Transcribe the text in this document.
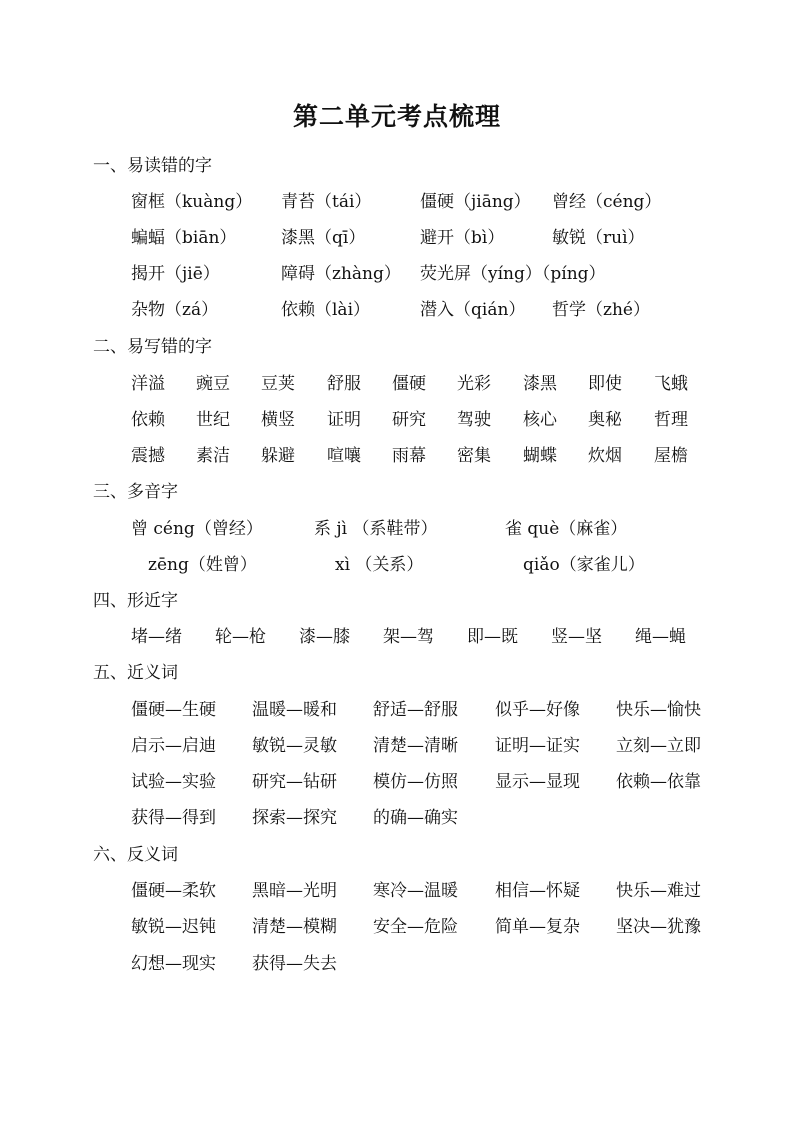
第二单元考点梳理
一、易读错的字
窗框（kuàng） 青苔（tái）	僵硬（jiāng） 曾经（céng）
蝙蝠（biān）	漆黑（qī）	避开（bì）	敏锐（ruì）
揭开（jiē）	障碍（zhàng） 荧光屏（yíng）（píng）
杂物（zá）	依赖（lài）	潜入（qián） 哲学（zhé）
二、易写错的字
洋溢 豌豆 豆荚 舒服 僵硬 光彩 漆黑 即使 飞蛾
依赖 世纪 横竖 证明 研究 驾驶 核心 奥秘 哲理
震撼 素洁 躲避 喧嚷 雨幕 密集 蝴蝶 炊烟 屋檐
三、多音字
曾 céng（曾经）	系 jì （系鞋带）	雀 què（麻雀）
zēng（姓曾）	xì （关系）	qiǎo（家雀儿）
四、形近字
堵—绪 轮—枪 漆—膝 架—驾 即—既 竖—坚 绳—蝇
五、近义词
僵硬—生硬 温暖—暖和 舒适—舒服 似乎—好像 快乐—愉快
启示—启迪 敏锐—灵敏 清楚—清晰 证明—证实 立刻—立即
试验—实验 研究—钻研 模仿—仿照 显示—显现 依赖—依靠
获得—得到 探索—探究 的确—确实
六、反义词
僵硬—柔软 黑暗—光明 寒冷—温暖 相信—怀疑 快乐—难过
敏锐—迟钝 清楚—模糊 安全—危险 简单—复杂 坚决—犹豫
幻想—现实 获得—失去
